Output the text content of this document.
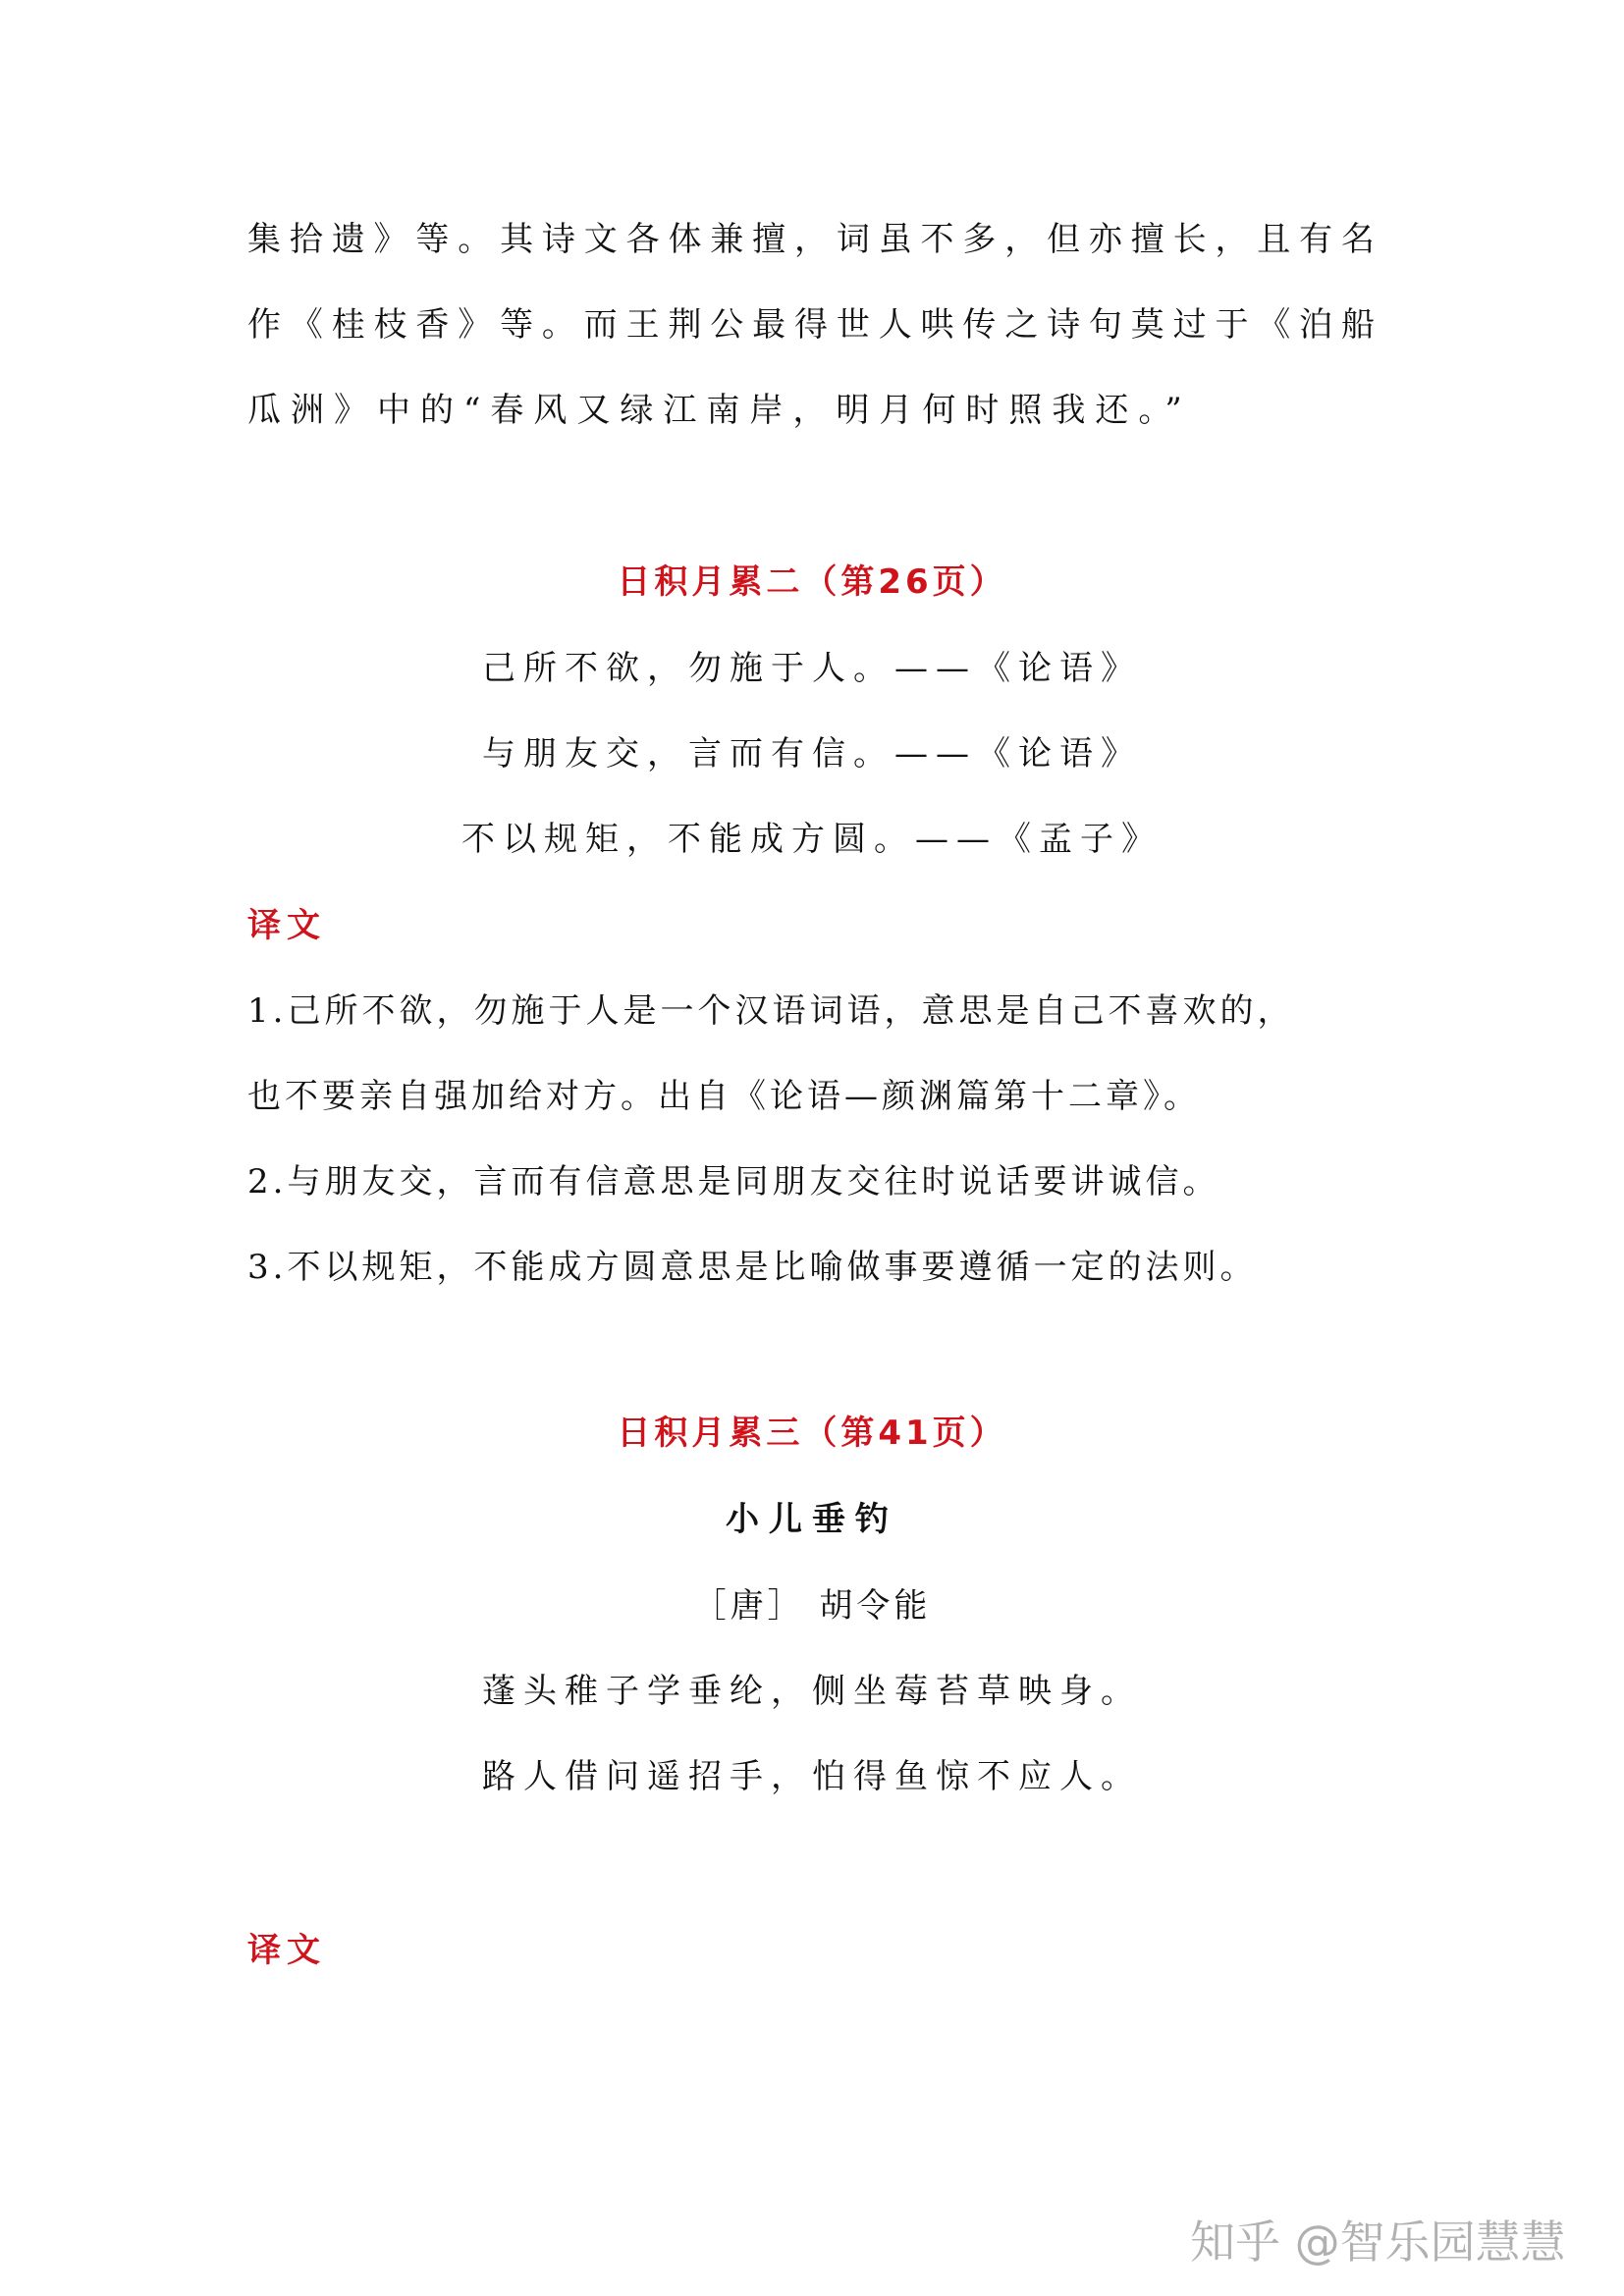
集拾遗》等。其诗文各体兼擅，词虽不多，但亦擅长，且有名
作《桂枝香》等。而王荆公最得世人哄传之诗句莫过于《泊船
瓜洲》中的“春风又绿江南岸，明月何时照我还。”
日积月累二（第26页）
己所不欲，勿施于人。——《论语》
与朋友交，言而有信。——《论语》
不以规矩，不能成方圆。——《孟子》
译文
1.己所不欲，勿施于人是一个汉语词语，意思是自己不喜欢的，
也不要亲自强加给对方。出自《论语—颜渊篇第十二章》。
2.与朋友交，言而有信意思是同朋友交往时说话要讲诚信。
3.不以规矩，不能成方圆意思是比喻做事要遵循一定的法则。
日积月累三（第41页）
小儿垂钓
［唐］ 胡令能
蓬头稚子学垂纶，侧坐莓苔草映身。
路人借问遥招手，怕得鱼惊不应人。
译文
知乎 @智乐园慧慧
